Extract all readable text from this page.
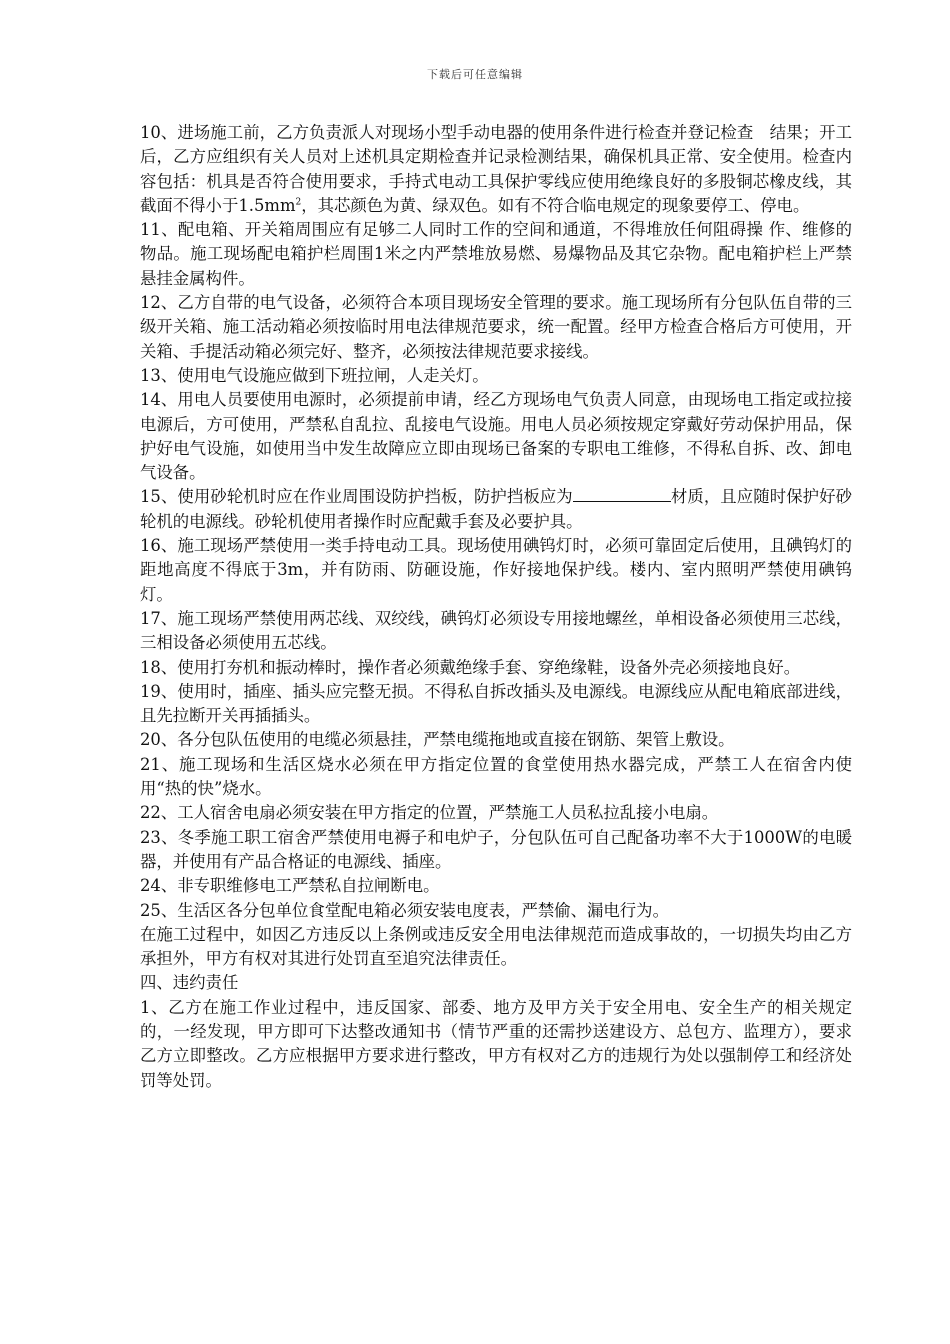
下载后可任意编辑

10、进场施工前，乙方负责派人对现场小型手动电器的使用条件进行检查并登记检查　结果；开工后，乙方应组织有关人员对上述机具定期检查并记录检测结果，确保机具正常、安全使用。检查内容包括：机具是否符合使用要求，手持式电动工具保护零线应使用绝缘良好的多股铜芯橡皮线，其截面不得小于$1.5mm^2$，其芯颜色为黄、绿双色。如有不符合临电规定的现象要停工、停电。

11、配电箱、开关箱周围应有足够二人同时工作的空间和通道，不得堆放任何阻碍操 作、维修的物品。施工现场配电箱护栏周围1米之内严禁堆放易燃、易爆物品及其它杂物。配电箱护栏上严禁悬挂金属构件。

12、乙方自带的电气设备，必须符合本项目现场安全管理的要求。施工现场所有分包队伍自带的三级开关箱、施工活动箱必须按临时用电法律规范要求，统一配置。经甲方检查合格后方可使用，开关箱、手提活动箱必须完好、整齐，必须按法律规范要求接线。

13、使用电气设施应做到下班拉闸，人走关灯。

14、用电人员要使用电源时，必须提前申请，经乙方现场电气负责人同意，由现场电工指定或拉接电源后，方可使用，严禁私自乱拉、乱接电气设施。用电人员必须按规定穿戴好劳动保护用品，保护好电气设施，如使用当中发生故障应立即由现场已备案的专职电工维修，不得私自拆、改、卸电气设备。

15、使用砂轮机时应在作业周围设防护挡板，防护挡板应为	材质，且应随时保护好砂轮机的电源线。砂轮机使用者操作时应配戴手套及必要护具。

16、施工现场严禁使用一类手持电动工具。现场使用碘钨灯时，必须可靠固定后使用，且碘钨灯的距地高度不得底于3m，并有防雨、防砸设施，作好接地保护线。楼内、室内照明严禁使用碘钨灯。

17、施工现场严禁使用两芯线、双绞线，碘钨灯必须设专用接地螺丝，单相设备必须使用三芯线，三相设备必须使用五芯线。

18、使用打夯机和振动棒时，操作者必须戴绝缘手套、穿绝缘鞋，设备外壳必须接地良好。

19、使用时，插座、插头应完整无损。不得私自拆改插头及电源线。电源线应从配电箱底部进线，且先拉断开关再插插头。

20、各分包队伍使用的电缆必须悬挂，严禁电缆拖地或直接在钢筋、架管上敷设。

21、施工现场和生活区烧水必须在甲方指定位置的食堂使用热水器完成，严禁工人在宿舍内使用“热的快”烧水。

22、工人宿舍电扇必须安装在甲方指定的位置，严禁施工人员私拉乱接小电扇。

23、冬季施工职工宿舍严禁使用电褥子和电炉子，分包队伍可自己配备功率不大于1000W的电暖器，并使用有产品合格证的电源线、插座。

24、非专职维修电工严禁私自拉闸断电。

25、生活区各分包单位食堂配电箱必须安装电度表，严禁偷、漏电行为。

在施工过程中，如因乙方违反以上条例或违反安全用电法律规范而造成事故的，一切损失均由乙方承担外，甲方有权对其进行处罚直至追究法律责任。

四、违约责任

1、乙方在施工作业过程中，违反国家、部委、地方及甲方关于安全用电、安全生产的相关规定的，一经发现，甲方即可下达整改通知书（情节严重的还需抄送建设方、总包方、监理方），要求乙方立即整改。乙方应根据甲方要求进行整改，甲方有权对乙方的违规行为处以强制停工和经济处罚等处罚。
